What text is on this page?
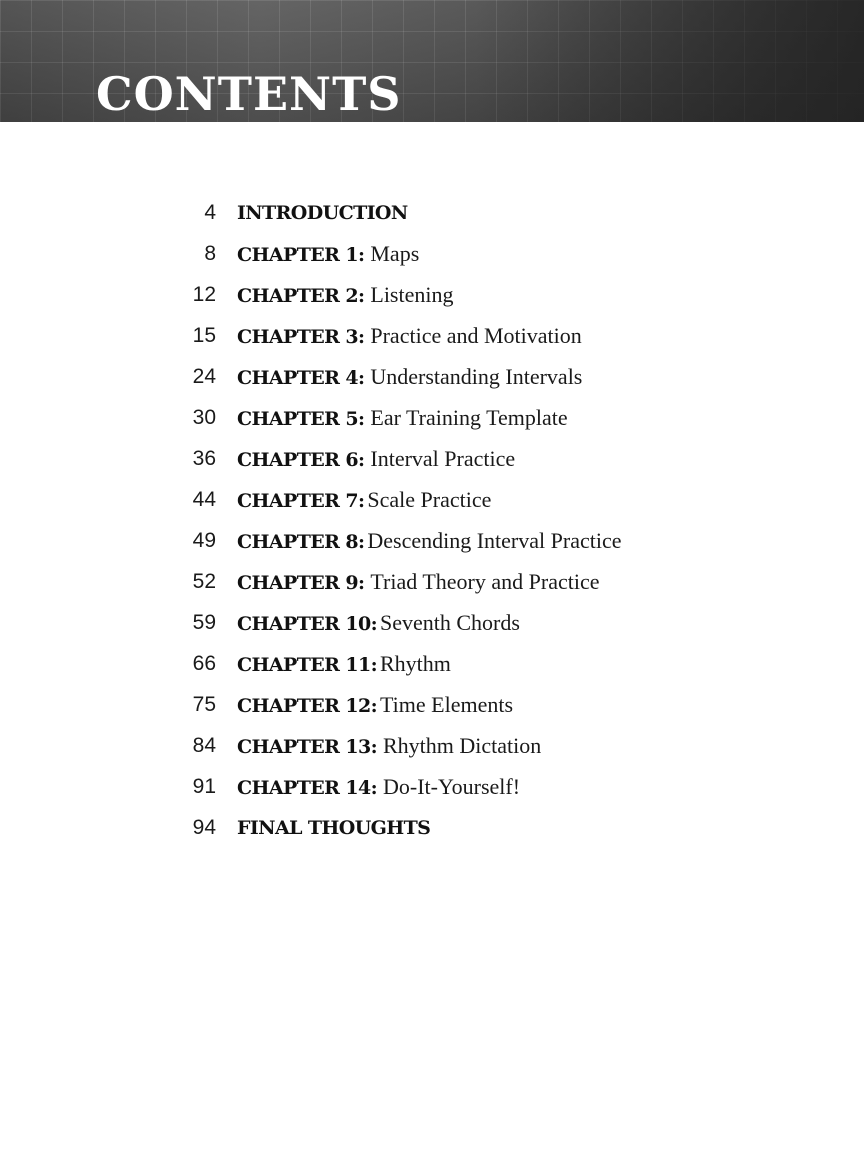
CONTENTS
4 INTRODUCTION
8 CHAPTER 1: Maps
12 CHAPTER 2: Listening
15 CHAPTER 3: Practice and Motivation
24 CHAPTER 4: Understanding Intervals
30 CHAPTER 5: Ear Training Template
36 CHAPTER 6: Interval Practice
44 CHAPTER 7: Scale Practice
49 CHAPTER 8: Descending Interval Practice
52 CHAPTER 9: Triad Theory and Practice
59 CHAPTER 10: Seventh Chords
66 CHAPTER 11: Rhythm
75 CHAPTER 12: Time Elements
84 CHAPTER 13: Rhythm Dictation
91 CHAPTER 14: Do-It-Yourself!
94 FINAL THOUGHTS
